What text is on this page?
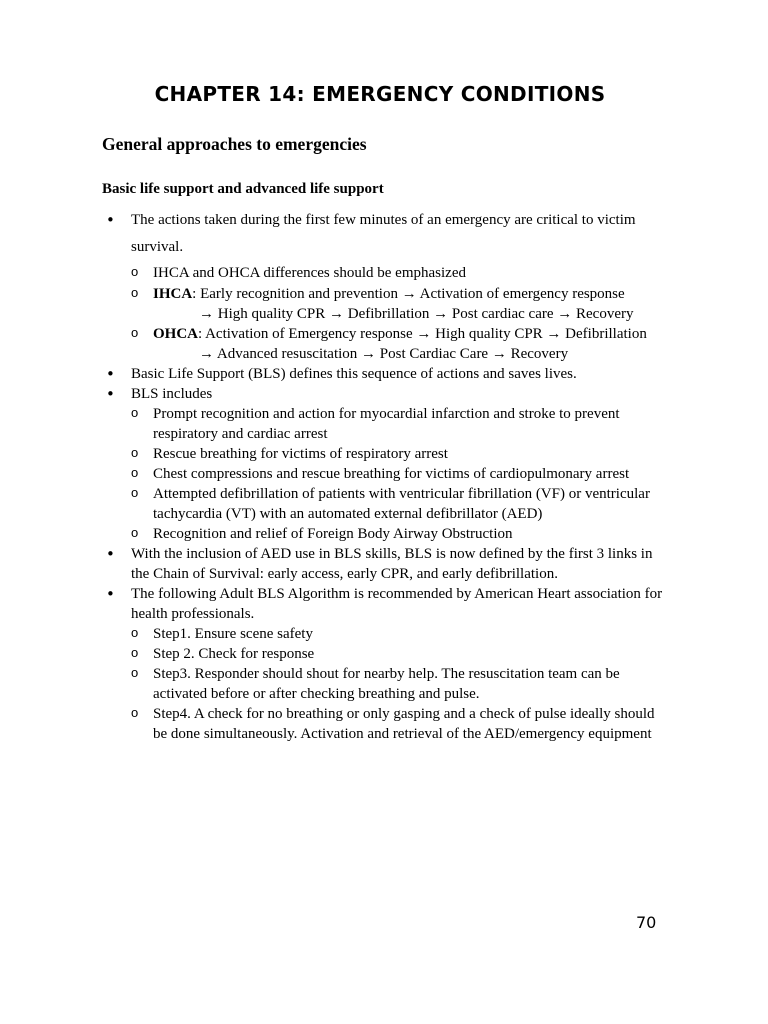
CHAPTER 14: EMERGENCY CONDITIONS
General approaches to emergencies
Basic life support and advanced life support
• The actions taken during the first few minutes of an emergency are critical to victim survival.
o IHCA and OHCA differences should be emphasized
o IHCA: Early recognition and prevention → Activation of emergency response
→ High quality CPR → Defibrillation → Post cardiac care → Recovery
o OHCA: Activation of Emergency response → High quality CPR → Defibrillation
→ Advanced resuscitation → Post Cardiac Care → Recovery
• Basic Life Support (BLS) defines this sequence of actions and saves lives.
• BLS includes
o Prompt recognition and action for myocardial infarction and stroke to prevent respiratory and cardiac arrest
o Rescue breathing for victims of respiratory arrest
o Chest compressions and rescue breathing for victims of cardiopulmonary arrest
o Attempted defibrillation of patients with ventricular fibrillation (VF) or ventricular tachycardia (VT) with an automated external defibrillator (AED)
o Recognition and relief of Foreign Body Airway Obstruction
• With the inclusion of AED use in BLS skills, BLS is now defined by the first 3 links in the Chain of Survival: early access, early CPR, and early defibrillation.
• The following Adult BLS Algorithm is recommended by American Heart association for health professionals.
o Step1. Ensure scene safety
o Step 2. Check for response
o Step3. Responder should shout for nearby help. The resuscitation team can be activated before or after checking breathing and pulse.
o Step4. A check for no breathing or only gasping and a check of pulse ideally should be done simultaneously. Activation and retrieval of the AED/emergency equipment
70
